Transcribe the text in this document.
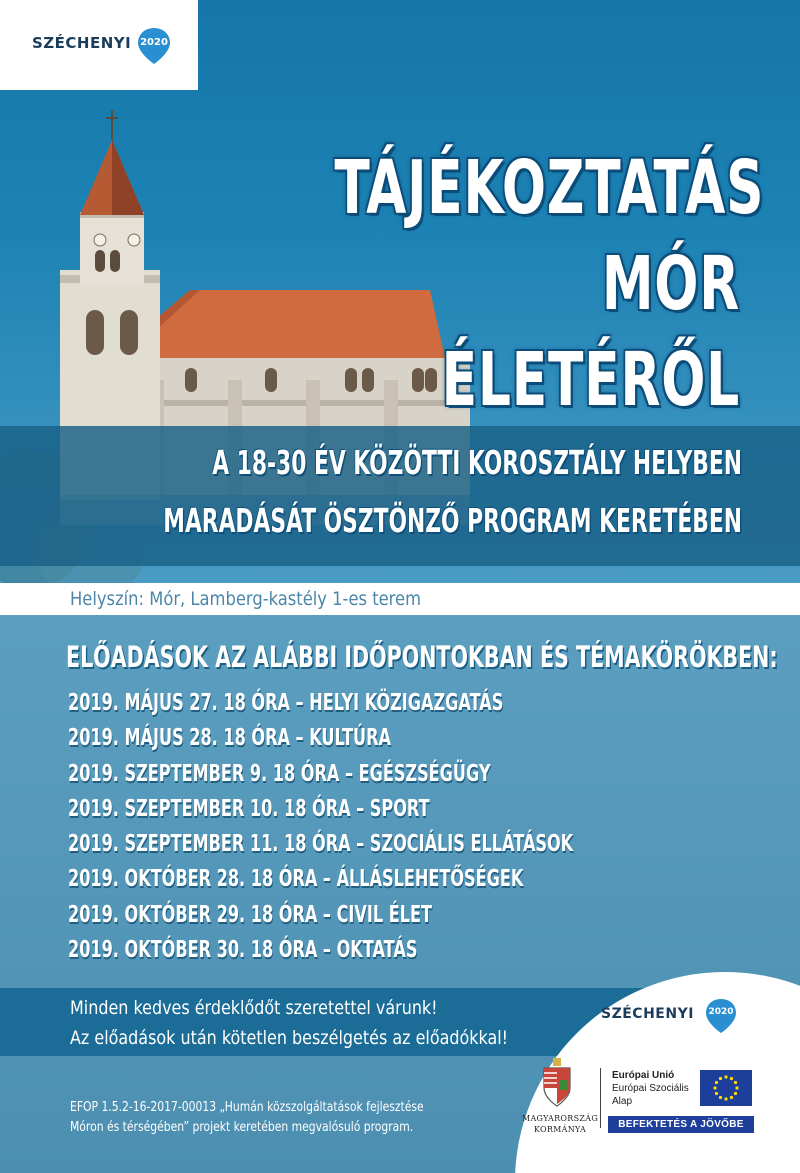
SZÉCHENYI 2020
TÁJÉKOZTATÁS
MÓR ÉLETÉRŐL
A 18-30 ÉV KÖZÖTTI KOROSZTÁLY HELYBEN
MARADÁSÁT ÖSZTÖNZŐ PROGRAM KERETÉBEN
Helyszín: Mór, Lamberg-kastély 1-es terem
ELŐADÁSOK AZ ALÁBBI IDŐPONTOKBAN ÉS TÉMAKÖRÖKBEN:
2019. MÁJUS 27. 18 ÓRA – HELYI KÖZIGAZGATÁS
2019. MÁJUS 28. 18 ÓRA – KULTÚRA
2019. SZEPTEMBER 9. 18 ÓRA – EGÉSZSÉGÜGY
2019. SZEPTEMBER 10. 18 ÓRA – SPORT
2019. SZEPTEMBER 11. 18 ÓRA – SZOCIÁLIS ELLÁTÁSOK
2019. OKTÓBER 28. 18 ÓRA – ÁLLÁSLEHETŐSÉGEK
2019. OKTÓBER 29. 18 ÓRA – CIVIL ÉLET
2019. OKTÓBER 30. 18 ÓRA – OKTATÁS
Minden kedves érdeklődőt szeretettel várunk!
Az előadások után kötetlen beszélgetés az előadókkal!
EFOP 1.5.2-16-2017-00013 „Humán közszolgáltatások fejlesztése
Móron és térségében” projekt keretében megvalósuló program.
SZÉCHENYI	2020
MAGYARORSZÁG
KORMÁNYA
Európai Unió
Európai Szociális
Alap
BEFEKTETÉS A JÖVŐBE
